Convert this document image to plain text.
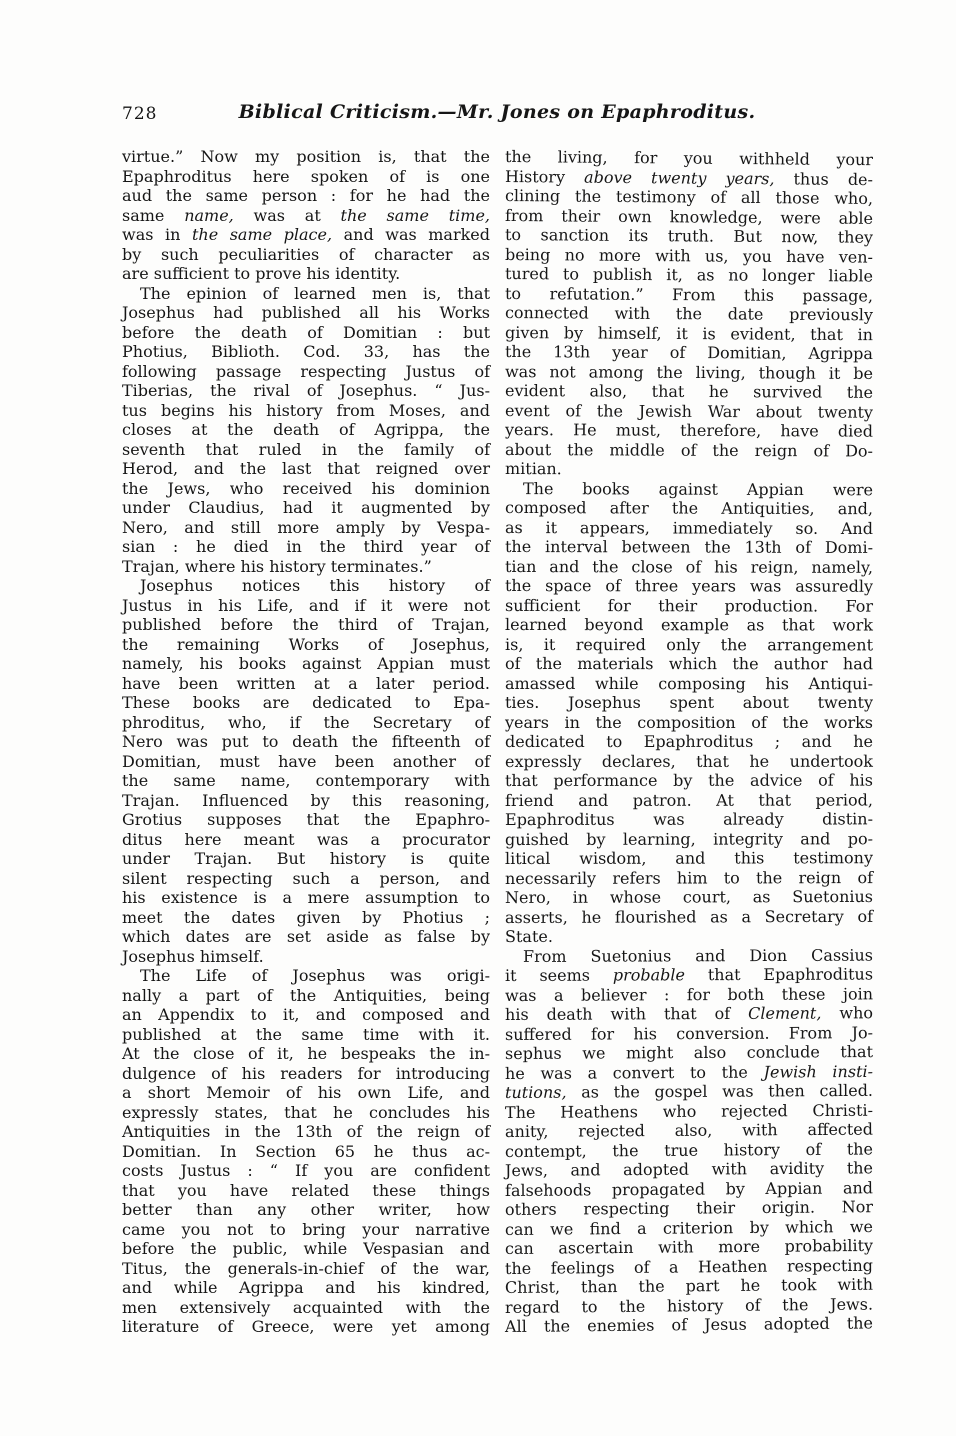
728	Biblical Criticism.—Mr. Jones on Epaphroditus.
virtue.” Now my position is, that the
Epaphroditus here spoken of is one
aud the same person : for he had the
same name, was at the same time,
was in the same place, and was marked
by such peculiarities of character as
are sufficient to prove his identity.
The epinion of learned men is, that
Josephus had published all his Works
before the death of Domitian : but
Photius, Biblioth. Cod. 33, has the
following passage respecting Justus of
Tiberias, the rival of Josephus. “ Jus-
tus begins his history from Moses, and
closes at the death of Agrippa, the
seventh that ruled in the family of
Herod, and the last that reigned over
the Jews, who received his dominion
under Claudius, had it augmented by
Nero, and still more amply by Vespa-
sian : he died in the third year of
Trajan, where his history terminates.”
Josephus notices this history of
Justus in his Life, and if it were not
published before the third of Trajan,
the remaining Works of Josephus,
namely, his books against Appian must
have been written at a later period.
These books are dedicated to Epa-
phroditus, who, if the Secretary of
Nero was put to death the fifteenth of
Domitian, must have been another of
the same name, contemporary with
Trajan. Influenced by this reasoning,
Grotius supposes that the Epaphro-
ditus here meant was a procurator
under Trajan. But history is quite
silent respecting such a person, and
his existence is a mere assumption to
meet the dates given by Photius ;
which dates are set aside as false by
Josephus himself.
The Life of Josephus was origi-
nally a part of the Antiquities, being
an Appendix to it, and composed and
published at the same time with it.
At the close of it, he bespeaks the in-
dulgence of his readers for introducing
a short Memoir of his own Life, and
expressly states, that he concludes his
Antiquities in the 13th of the reign of
Domitian. In Section 65 he thus ac-
costs Justus : “ If you are confident
that you have related these things
better than any other writer, how
came you not to bring your narrative
before the public, while Vespasian and
Titus, the generals-in-chief of the war,
and while Agrippa and his kindred,
men extensively acquainted with the
literature of Greece, were yet among
the living, for you withheld your
History above twenty years, thus de-
clining the testimony of all those who,
from their own knowledge, were able
to sanction its truth. But now, they
being no more with us, you have ven-
tured to publish it, as no longer liable
to refutation.” From this passage,
connected with the date previously
given by himself, it is evident, that in
the 13th year of Domitian, Agrippa
was not among the living, though it be
evident also, that he survived the
event of the Jewish War about twenty
years. He must, therefore, have died
about the middle of the reign of Do-
mitian.
The books against Appian were
composed after the Antiquities, and,
as it appears, immediately so. And
the interval between the 13th of Domi-
tian and the close of his reign, namely,
the space of three years was assuredly
sufficient for their production. For
learned beyond example as that work
is, it required only the arrangement
of the materials which the author had
amassed while composing his Antiqui-
ties. Josephus spent about twenty
years in the composition of the works
dedicated to Epaphroditus ; and he
expressly declares, that he undertook
that performance by the advice of his
friend and patron. At that period,
Epaphroditus was already distin-
guished by learning, integrity and po-
litical wisdom, and this testimony
necessarily refers him to the reign of
Nero, in whose court, as Suetonius
asserts, he flourished as a Secretary of
State.
From Suetonius and Dion Cassius
it seems probable that Epaphroditus
was a believer : for both these join
his death with that of Clement, who
suffered for his conversion. From Jo-
sephus we might also conclude that
he was a convert to the Jewish insti-
tutions, as the gospel was then called.
The Heathens who rejected Christi-
anity, rejected also, with affected
contempt, the true history of the
Jews, and adopted with avidity the
falsehoods propagated by Appian and
others respecting their origin. Nor
can we find a criterion by which we
can ascertain with more probability
the feelings of a Heathen respecting
Christ, than the part he took with
regard to the history of the Jews.
All the enemies of Jesus adopted the
